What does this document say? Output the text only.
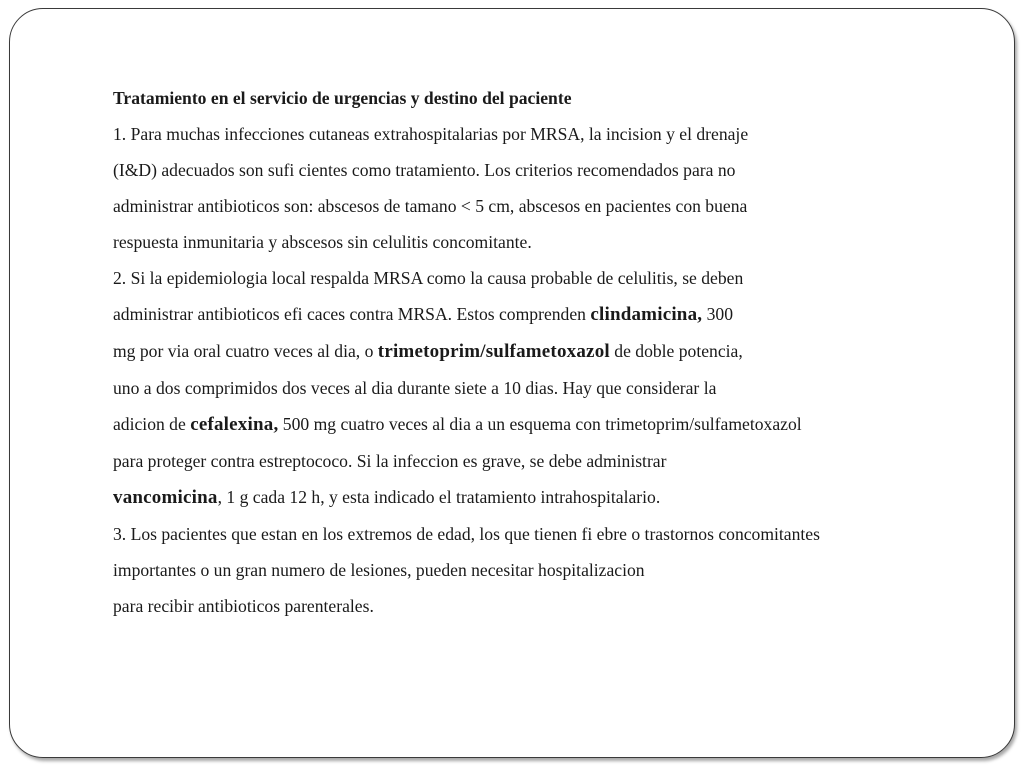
Tratamiento en el servicio de urgencias y destino del paciente
1. Para muchas infecciones cutaneas extrahospitalarias por MRSA, la incision y el drenaje
(I&D) adecuados son sufi cientes como tratamiento. Los criterios recomendados para no
administrar antibioticos son: abscesos de tamano < 5 cm, abscesos en pacientes con buena
respuesta inmunitaria y abscesos sin celulitis concomitante.
2. Si la epidemiologia local respalda MRSA como la causa probable de celulitis, se deben
administrar antibioticos efi caces contra MRSA. Estos comprenden clindamicina, 300
mg por via oral cuatro veces al dia, o trimetoprim/sulfametoxazol de doble potencia,
uno a dos comprimidos dos veces al dia durante siete a 10 dias. Hay que considerar la
adicion de cefalexina, 500 mg cuatro veces al dia a un esquema con trimetoprim/sulfametoxazol
para proteger contra estreptococo. Si la infeccion es grave, se debe administrar
vancomicina, 1 g cada 12 h, y esta indicado el tratamiento intrahospitalario.
3. Los pacientes que estan en los extremos de edad, los que tienen fi ebre o trastornos concomitantes
importantes o un gran numero de lesiones, pueden necesitar hospitalizacion
para recibir antibioticos parenterales.
